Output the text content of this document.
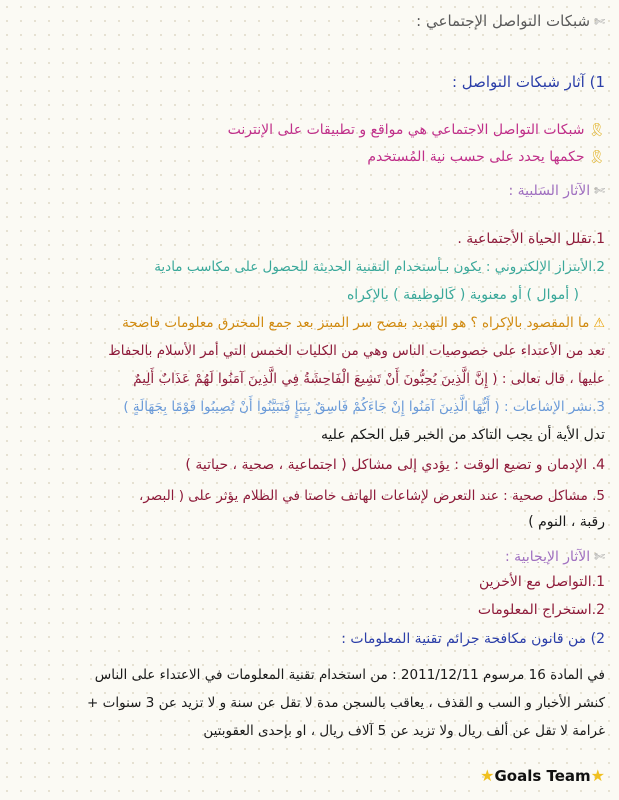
✄شبكات التواصل الإجتماعي :
1) آثار شبكات التواصل :
🎗شبكات التواصل الاجتماعي هي مواقع و تطبيقات على الإنترنت
🎗حكمها يحدد على حسب نية المُستخدم
✄الآثار السَلبية :
1.تقلل الحياة الأجتماعية .
2.الأبتزاز الإلكتروني : يكون بـأستخدام التقنية الحديثة للحصول على مكاسب مادية
( أموال ) أو معنوية ( كَالوظيفة ) بالإكراه
⚠ما المقصود بالإكراه ؟ هو التهديد بفضح سر المبتز بعد جمع المخترق معلومات فاضحة
تعد من الأعتداء على خصوصيات الناس وهي من الكليات الخمس التي أمر الأسلام بالحفاظ
عليها ، قال تعالى : ( إِنَّ الَّذِينَ يُحِبُّونَ أَنْ تَشِيعَ الْفَاحِشَةُ فِي الَّذِينَ آمَنُوا لَهُمْ عَذَابٌ أَلِيمٌ
3.نشر الإشاعات : ( أَيُّهَا الَّذِينَ آمَنُوا إِنْ جَاءَكُمْ فَاسِقٌ بِنَبَإٍ فَتَبَيَّنُوا أَنْ تُصِيبُوا قَوْمًا بِجَهَالَةٍ )
تدل الأية أن يجب التاكد من الخبر قبل الحكم عليه
4. الإدمان و تضيع الوقت : يؤدي إلى مشاكل ( اجتماعية ، صحية ، حياتية )
5. مشاكل صحية : عند التعرض لإشاعات الهاتف خاصتا في الظلام يؤثر على ( البصر،
رقبة ، النوم )
✄الآثار الإيجابية :
1.التواصل مع الأخرين
2.استخراج المعلومات
2) من قانون مكافحة جرائم تقنية المعلومات :
في المادة 16 مرسوم 2011/12/11 : من استخدام تقنية المعلومات في الاعتداء على الناس
كنشر الأخبار و السب و القذف ، يعاقب بالسجن مدة لا تقل عن سنة و لا تزيد عن 3 سنوات +
غرامة لا تقل عن ألف ريال ولا تزيد عن 5 آلاف ريال ، او بإحدى العقوبتين
★Goals Team★
